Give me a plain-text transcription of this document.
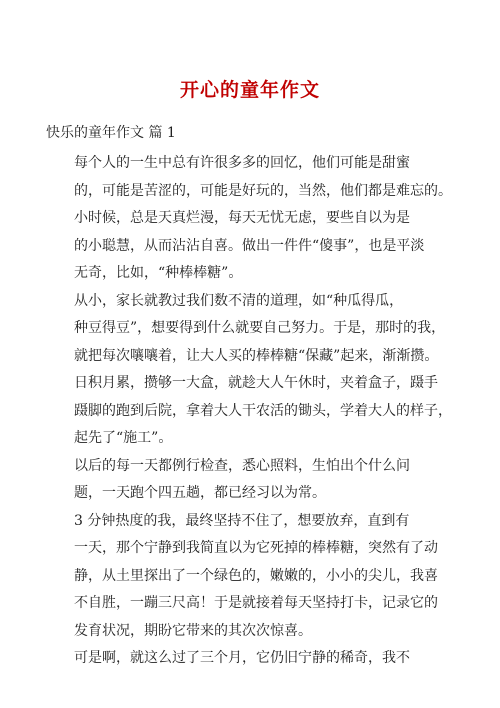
开心的童年作文
快乐的童年作文 篇 1

每个人的一生中总有许很多多的回忆，他们可能是甜蜜
的，可能是苦涩的，可能是好玩的，当然，他们都是难忘的。

小时候，总是天真烂漫，每天无忧无虑，要些自以为是
的小聪慧，从而沾沾自喜。做出一件件“傻事”，也是平淡
无奇，比如，“种棒棒糖”。

从小，家长就教过我们数不清的道理，如“种瓜得瓜，
种豆得豆”，想要得到什么就要自己努力。于是，那时的我，
就把每次嚷嚷着，让大人买的棒棒糖“保藏”起来，渐渐攒。
日积月累，攒够一大盒，就趁大人午休时，夹着盒子，蹑手
蹑脚的跑到后院，拿着大人干农活的锄头，学着大人的样子，
起先了“施工”。

以后的每一天都例行检查，悉心照料，生怕出个什么问
题，一天跑个四五趟，都已经习以为常。

3 分钟热度的我，最终坚持不住了，想要放弃，直到有
一天，那个宁静到我简直以为它死掉的棒棒糖，突然有了动
静，从土里探出了一个绿色的，嫩嫩的，小小的尖儿，我喜
不自胜，一蹦三尺高！于是就接着每天坚持打卡，记录它的
发育状况，期盼它带来的其次次惊喜。

可是啊，就这么过了三个月，它仍旧宁静的稀奇，我不
